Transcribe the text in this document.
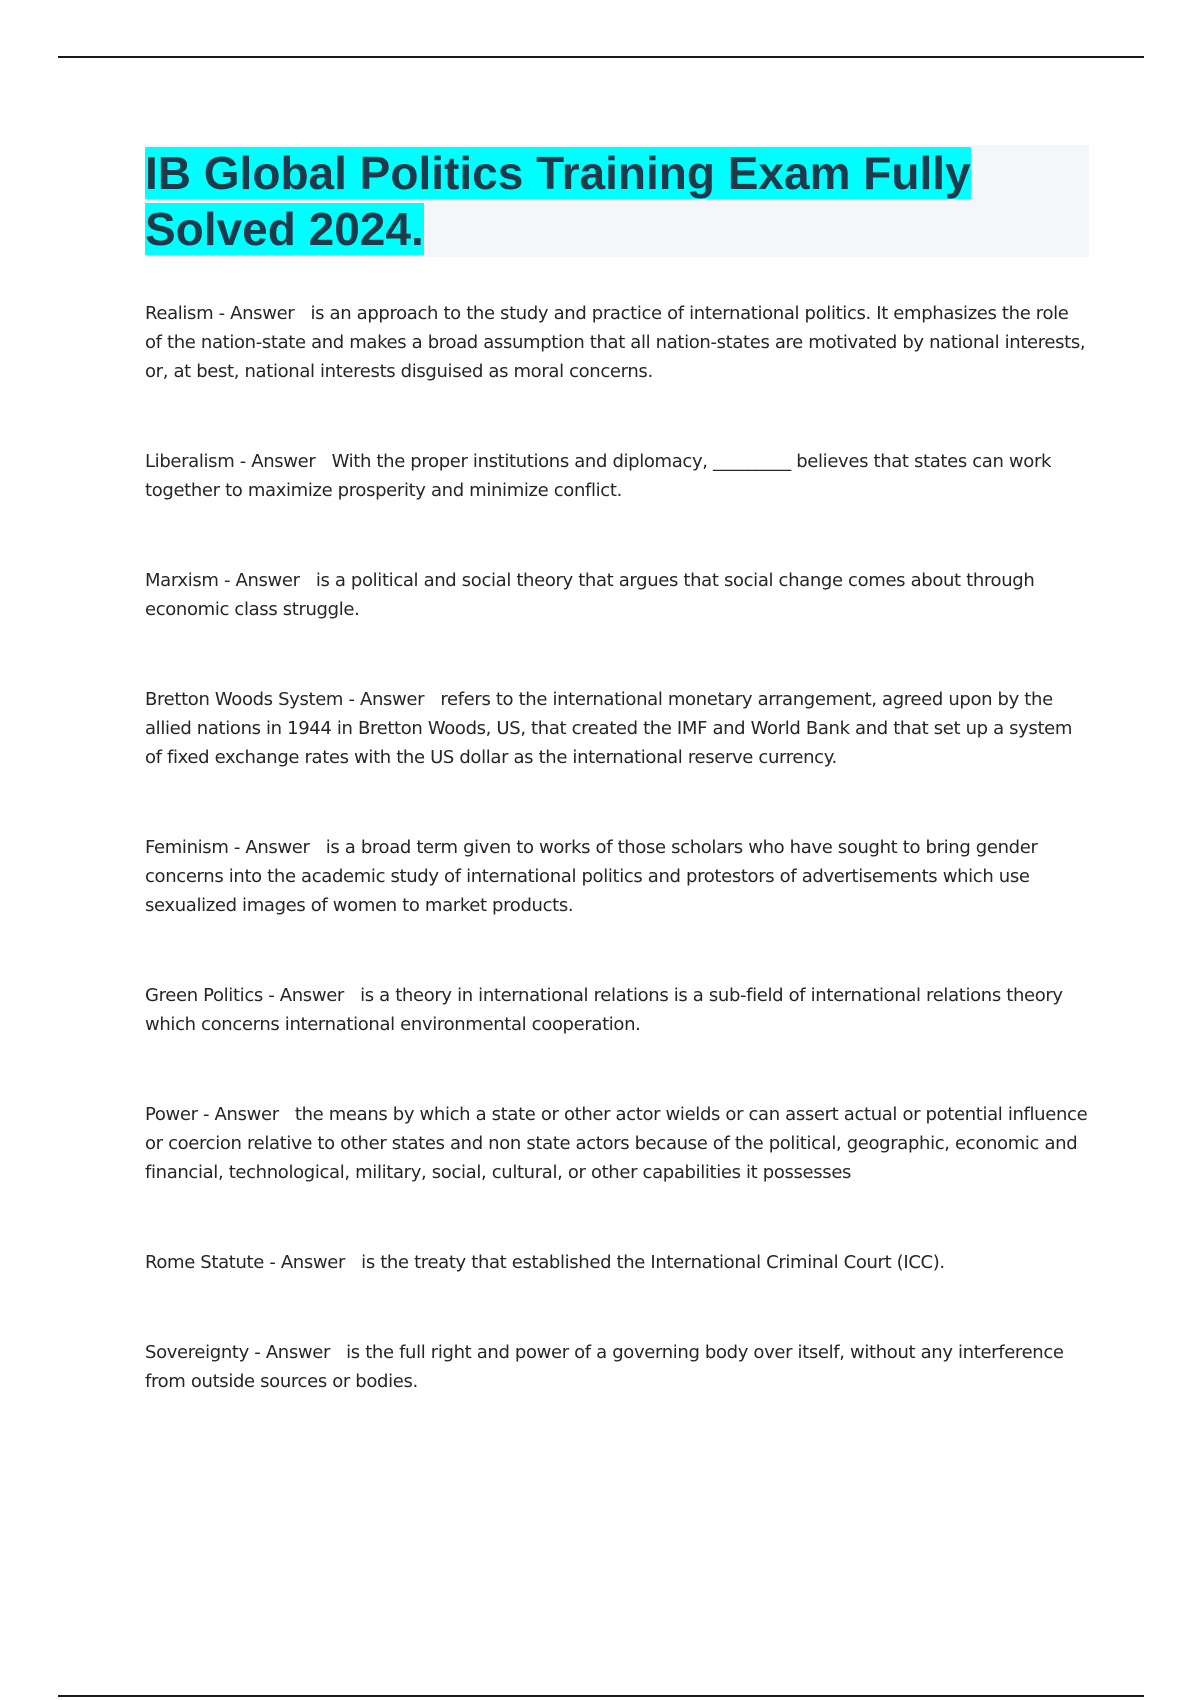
IB Global Politics Training Exam Fully Solved 2024.

Realism - Answer is an approach to the study and practice of international politics. It emphasizes the role of the nation-state and makes a broad assumption that all nation-states are motivated by national interests, or, at best, national interests disguised as moral concerns.

Liberalism - Answer With the proper institutions and diplomacy, _________ believes that states can work together to maximize prosperity and minimize conflict.

Marxism - Answer is a political and social theory that argues that social change comes about through economic class struggle.

Bretton Woods System - Answer refers to the international monetary arrangement, agreed upon by the allied nations in 1944 in Bretton Woods, US, that created the IMF and World Bank and that set up a system of fixed exchange rates with the US dollar as the international reserve currency.

Feminism - Answer is a broad term given to works of those scholars who have sought to bring gender concerns into the academic study of international politics and protestors of advertisements which use sexualized images of women to market products.

Green Politics - Answer is a theory in international relations is a sub-field of international relations theory which concerns international environmental cooperation.

Power - Answer the means by which a state or other actor wields or can assert actual or potential influence or coercion relative to other states and non state actors because of the political, geographic, economic and financial, technological, military, social, cultural, or other capabilities it possesses

Rome Statute - Answer is the treaty that established the International Criminal Court (ICC).

Sovereignty - Answer is the full right and power of a governing body over itself, without any interference from outside sources or bodies.
